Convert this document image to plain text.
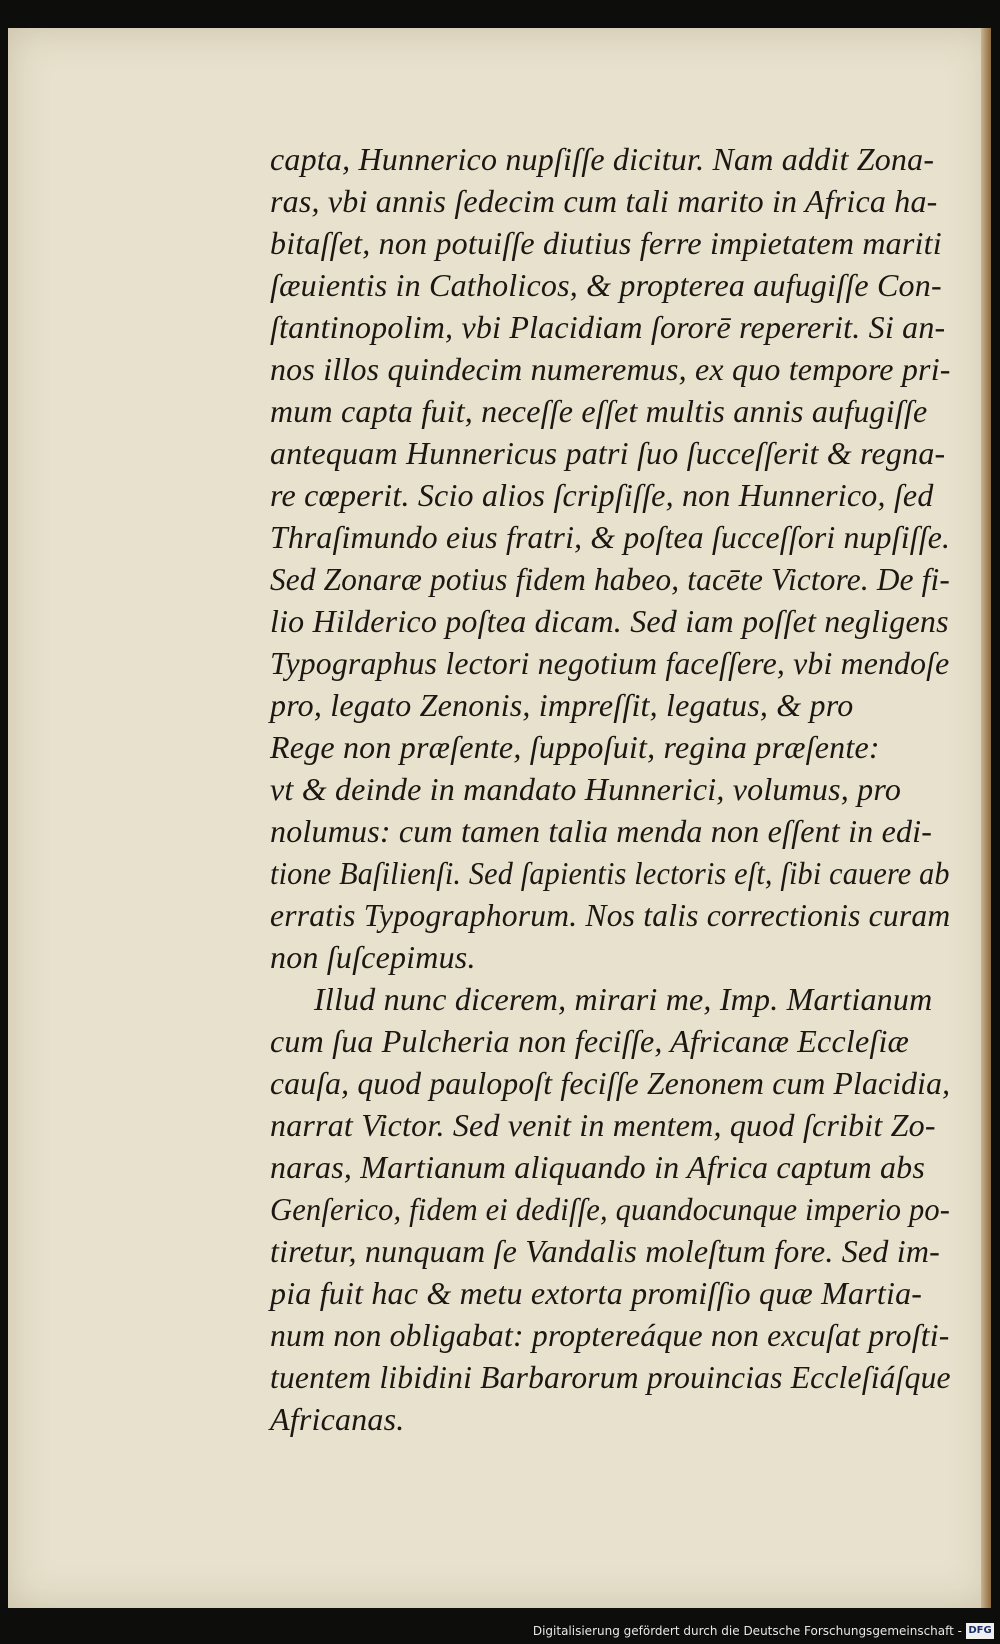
capta, Hunnerico nupſiſſe dicitur. Nam addit Zona-
ras, vbi annis ſedecim cum tali marito in Africa ha-
bitaſſet, non potuiſſe diutius ferre impietatem mariti
ſæuientis in Catholicos, & propterea aufugiſſe Con-
ſtantinopolim, vbi Placidiam ſororē repererit. Si an-
nos illos quindecim numeremus, ex quo tempore pri-
mum capta fuit, neceſſe eſſet multis annis aufugiſſe
antequam Hunnericus patri ſuo ſucceſſerit & regna-
re cœperit. Scio alios ſcripſiſſe, non Hunnerico, ſed
Thraſimundo eius fratri, & poſtea ſucceſſori nupſiſſe.
Sed Zonaræ potius fidem habeo, tacēte Victore. De fi-
lio Hilderico poſtea dicam. Sed iam poſſet negligens
Typographus lectori negotium faceſſere, vbi mendoſe
pro, legato Zenonis, impreſſit, legatus, & pro
Rege non præſente, ſuppoſuit, regina præſente:
vt & deinde in mandato Hunnerici, volumus, pro
nolumus: cum tamen talia menda non eſſent in edi-
tione Baſilienſi. Sed ſapientis lectoris eſt, ſibi cauere ab
erratis Typographorum. Nos talis correctionis curam
non ſuſcepimus.
Illud nunc dicerem, mirari me, Imp. Martianum
cum ſua Pulcheria non feciſſe, Africanæ Eccleſiæ
cauſa, quod paulopoſt feciſſe Zenonem cum Placidia,
narrat Victor. Sed venit in mentem, quod ſcribit Zo-
naras, Martianum aliquando in Africa captum abs
Genſerico, fidem ei dediſſe, quandocunque imperio po-
tiretur, nunquam ſe Vandalis moleſtum fore. Sed im-
pia fuit hac & metu extorta promiſſio quæ Martia-
num non obligabat: proptereáque non excuſat proſti-
tuentem libidini Barbarorum prouincias Eccleſiáſque
Africanas.
Digitalisierung gefördert durch die Deutsche Forschungsgemeinschaft - DFG
